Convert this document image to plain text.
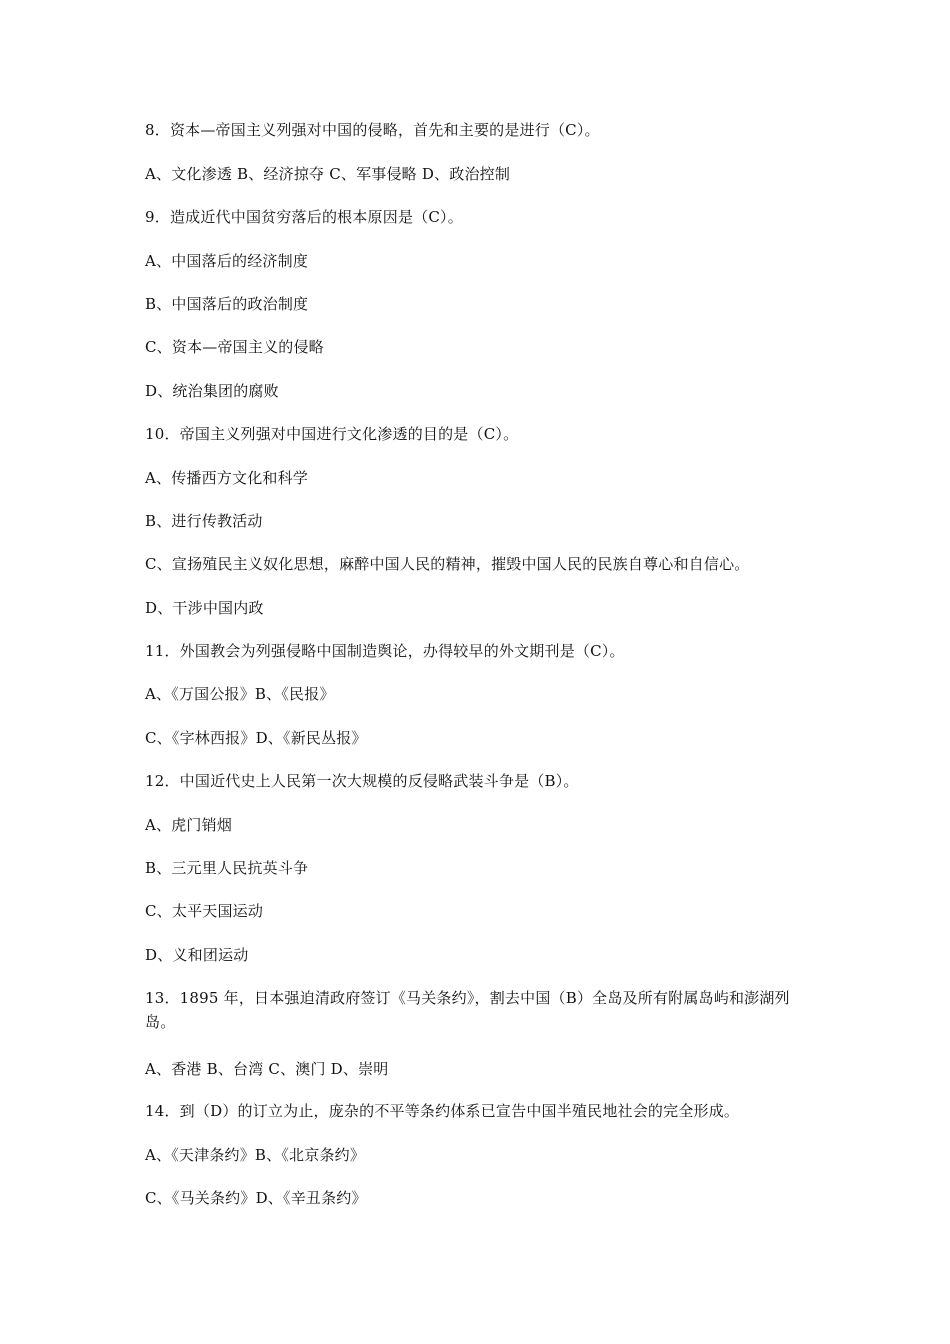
8．资本—帝国主义列强对中国的侵略，首先和主要的是进行（C）。
A、文化渗透 B、经济掠夺 C、军事侵略 D、政治控制
9．造成近代中国贫穷落后的根本原因是（C）。
A、中国落后的经济制度
B、中国落后的政治制度
C、资本—帝国主义的侵略
D、统治集团的腐败
10．帝国主义列强对中国进行文化渗透的目的是（C）。
A、传播西方文化和科学
B、进行传教活动
C、宣扬殖民主义奴化思想，麻醉中国人民的精神，摧毁中国人民的民族自尊心和自信心。
D、干涉中国内政
11．外国教会为列强侵略中国制造舆论，办得较早的外文期刊是（C）。
A、《万国公报》B、《民报》
C、《字林西报》D、《新民丛报》
12．中国近代史上人民第一次大规模的反侵略武装斗争是（B）。
A、虎门销烟
B、三元里人民抗英斗争
C、太平天国运动
D、义和团运动
13．1895 年，日本强迫清政府签订《马关条约》，割去中国（B）全岛及所有附属岛屿和澎湖列岛。
A、香港 B、台湾 C、澳门 D、崇明
14．到（D）的订立为止，庞杂的不平等条约体系已宣告中国半殖民地社会的完全形成。
A、《天津条约》B、《北京条约》
C、《马关条约》D、《辛丑条约》
